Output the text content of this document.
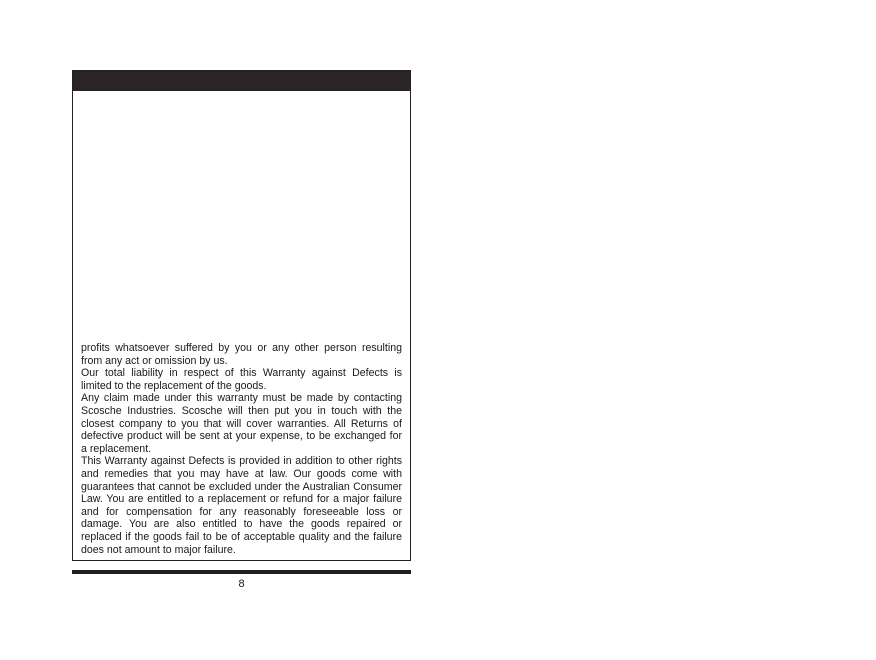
profits whatsoever suffered by you or any other person resulting from any act or omission by us.

Our total liability in respect of this Warranty against Defects is limited to the replacement of the goods.

Any claim made under this warranty must be made by contacting Scosche Industries. Scosche will then put you in touch with the closest company to you that will cover warranties. All Returns of defective product will be sent at your expense, to be exchanged for a replacement.

This Warranty against Defects is provided in addition to other rights and remedies that you may have at law. Our goods come with guarantees that cannot be excluded under the Australian Consumer Law. You are entitled to a replacement or refund for a major failure and for compensation for any reasonably foreseeable loss or damage. You are also entitled to have the goods repaired or replaced if the goods fail to be of acceptable quality and the failure does not amount to major failure.

8
